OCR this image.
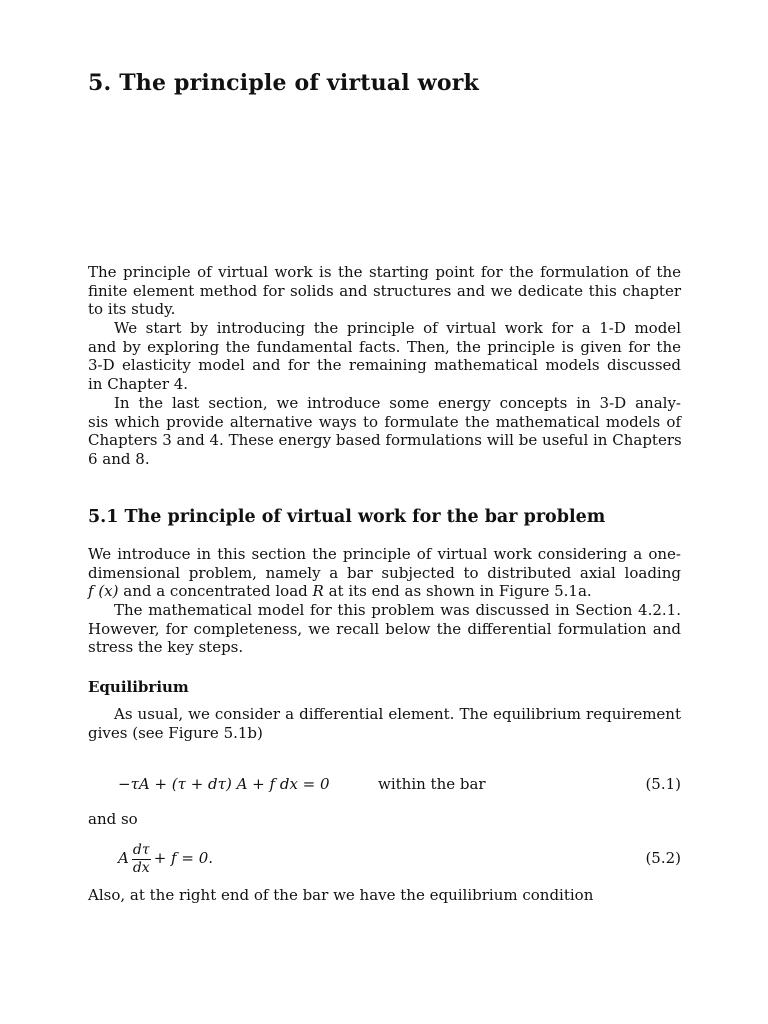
5. The principle of virtual work
The principle of virtual work is the starting point for the formulation of the
finite element method for solids and structures and we dedicate this chapter
to its study.
We start by introducing the principle of virtual work for a 1-D model
and by exploring the fundamental facts. Then, the principle is given for the
3-D elasticity model and for the remaining mathematical models discussed
in Chapter 4.
In the last section, we introduce some energy concepts in 3-D analy-
sis which provide alternative ways to formulate the mathematical models of
Chapters 3 and 4. These energy based formulations will be useful in Chapters
6 and 8.
5.1 The principle of virtual work for the bar problem
We introduce in this section the principle of virtual work considering a one-
dimensional problem, namely a bar subjected to distributed axial loading
f (x) and a concentrated load R at its end as shown in Figure 5.1a.
The mathematical model for this problem was discussed in Section 4.2.1.
However, for completeness, we recall below the differential formulation and
stress the key steps.
Equilibrium
As usual, we consider a differential element. The equilibrium requirement
gives (see Figure 5.1b)
−τA + (τ + dτ) A + f dx = 0	within the bar	(5.1)
and so
A $\frac{d\tau}{dx} + f = 0$.	(5.2)
Also, at the right end of the bar we have the equilibrium condition
